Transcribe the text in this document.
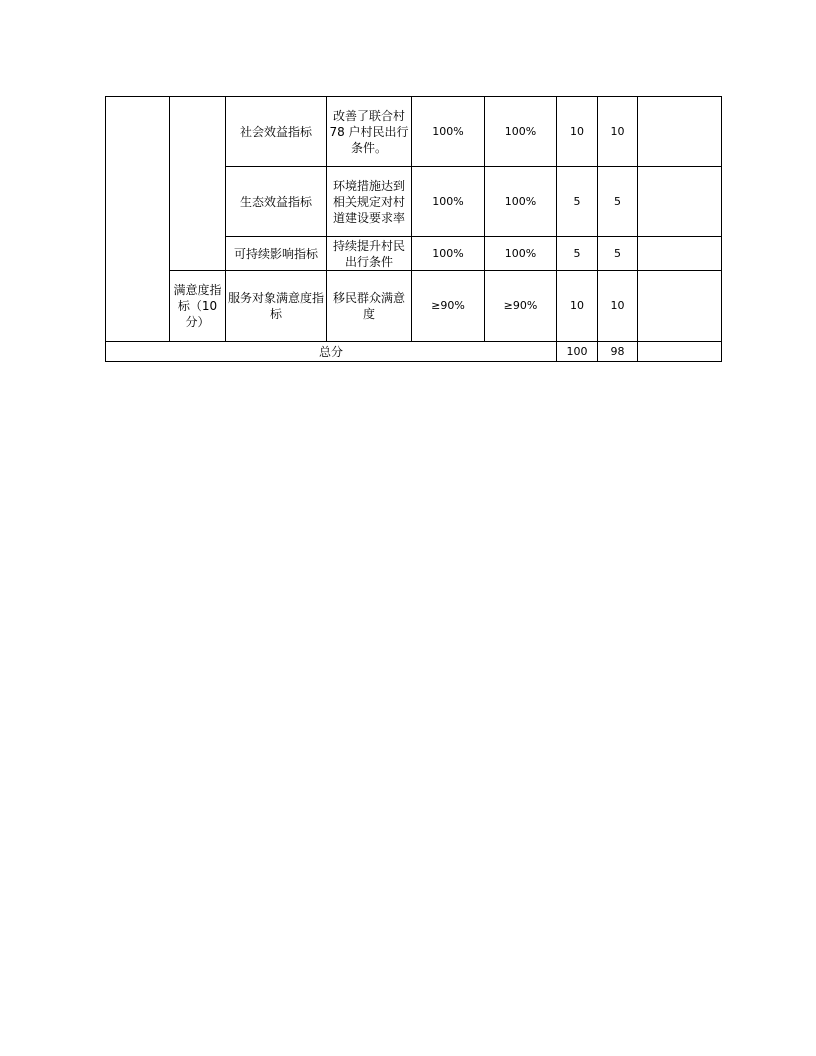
		社会效益指标	改善了联合村 78 户村民出行条件。	100%	100%	10	10	
		生态效益指标	环境措施达到相关规定对村道建设要求率	100%	100%	5	5	
		可持续影响指标	持续提升村民出行条件	100%	100%	5	5	
	满意度指标（10分）	服务对象满意度指标	移民群众满意度	≥90%	≥90%	10	10	
总分						100	98	
